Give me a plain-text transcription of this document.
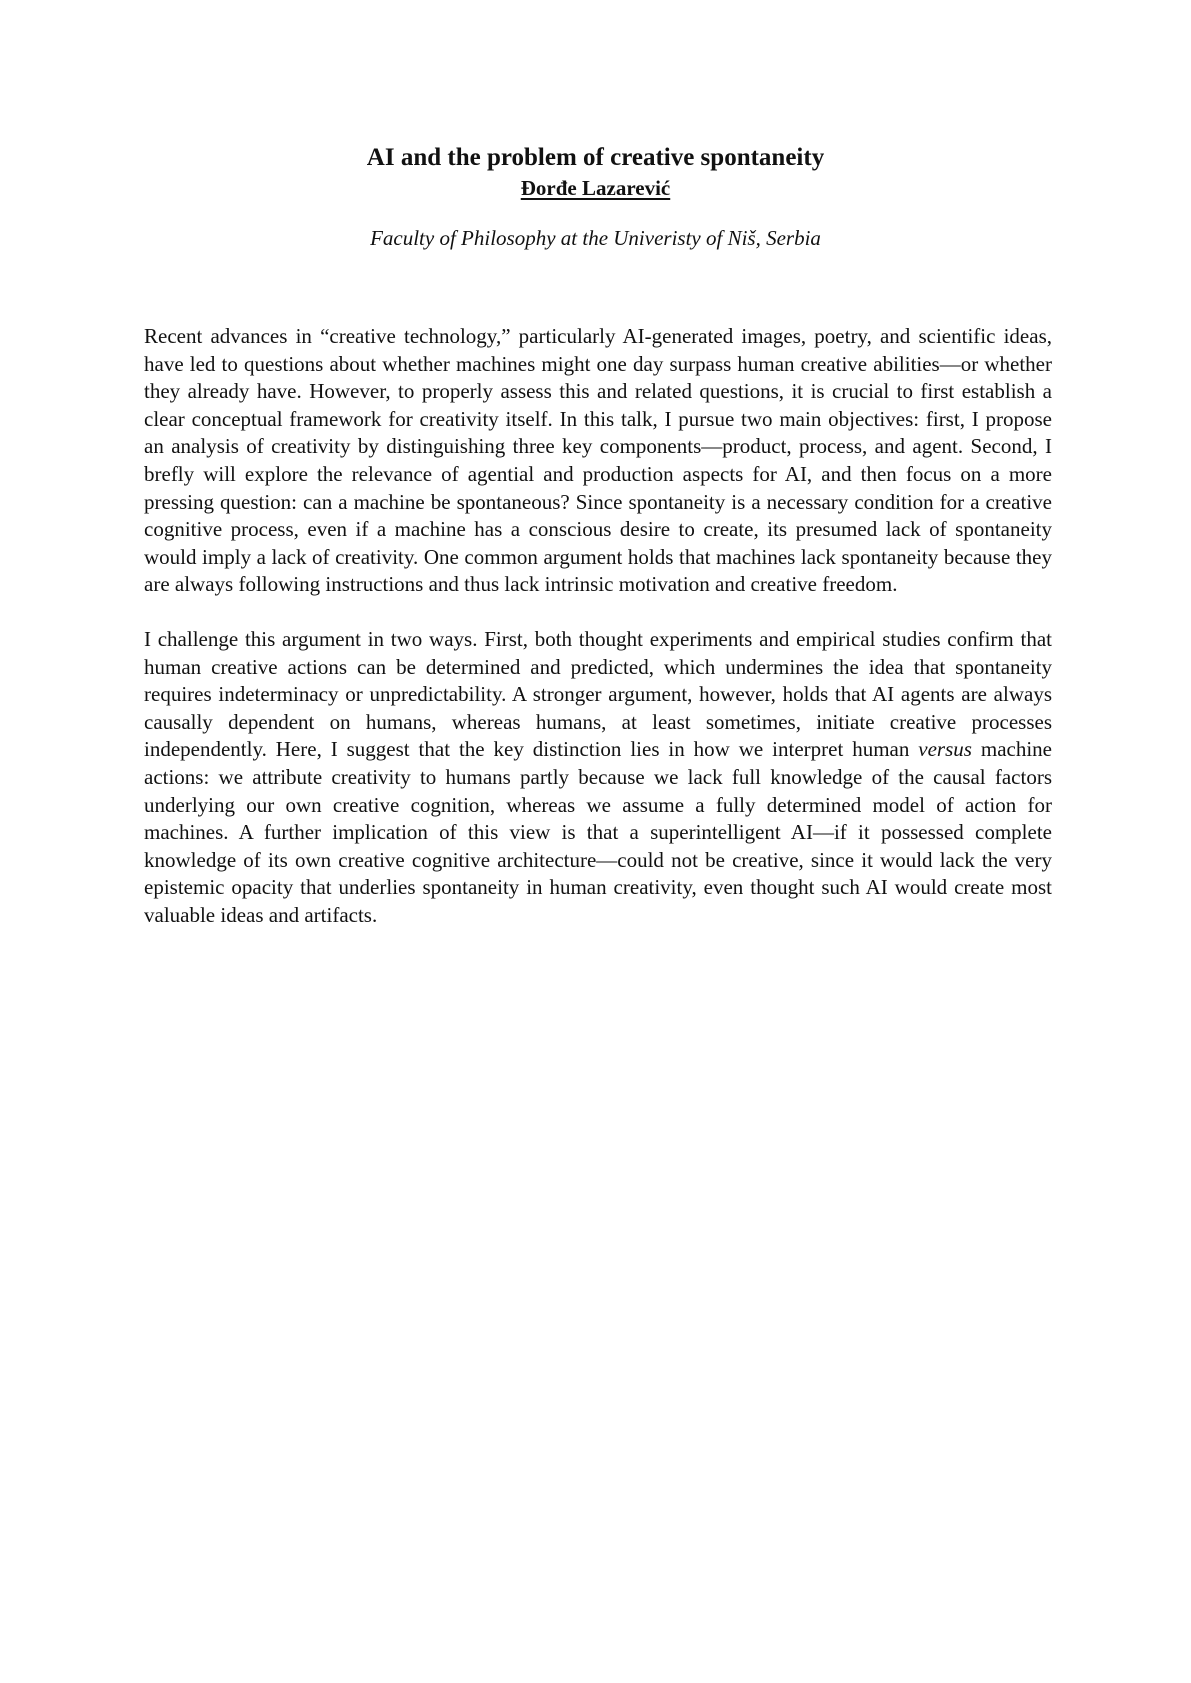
AI and the problem of creative spontaneity

Đorđe Lazarević

Faculty of Philosophy at the Univeristy of Niš, Serbia

Recent advances in “creative technology,” particularly AI-generated images, poetry, and scientific ideas, have led to questions about whether machines might one day surpass human creative abilities—or whether they already have. However, to properly assess this and related questions, it is crucial to first establish a clear conceptual framework for creativity itself. In this talk, I pursue two main objectives: first, I propose an analysis of creativity by distinguishing three key components—product, process, and agent. Second, I brefly will explore the relevance of agential and production aspects for AI, and then focus on a more pressing question: can a machine be spontaneous? Since spontaneity is a necessary condition for a creative cognitive process, even if a machine has a conscious desire to create, its presumed lack of spontaneity would imply a lack of creativity. One common argument holds that machines lack spontaneity because they are always following instructions and thus lack intrinsic motivation and creative freedom.

I challenge this argument in two ways. First, both thought experiments and empirical studies confirm that human creative actions can be determined and predicted, which undermines the idea that spontaneity requires indeterminacy or unpredictability. A stronger argument, however, holds that AI agents are always causally dependent on humans, whereas humans, at least sometimes, initiate creative processes independently. Here, I suggest that the key distinction lies in how we interpret human versus machine actions: we attribute creativity to humans partly because we lack full knowledge of the causal factors underlying our own creative cognition, whereas we assume a fully determined model of action for machines. A further implication of this view is that a superintelligent AI—if it possessed complete knowledge of its own creative cognitive architecture—could not be creative, since it would lack the very epistemic opacity that underlies spontaneity in human creativity, even thought such AI would create most valuable ideas and artifacts.
